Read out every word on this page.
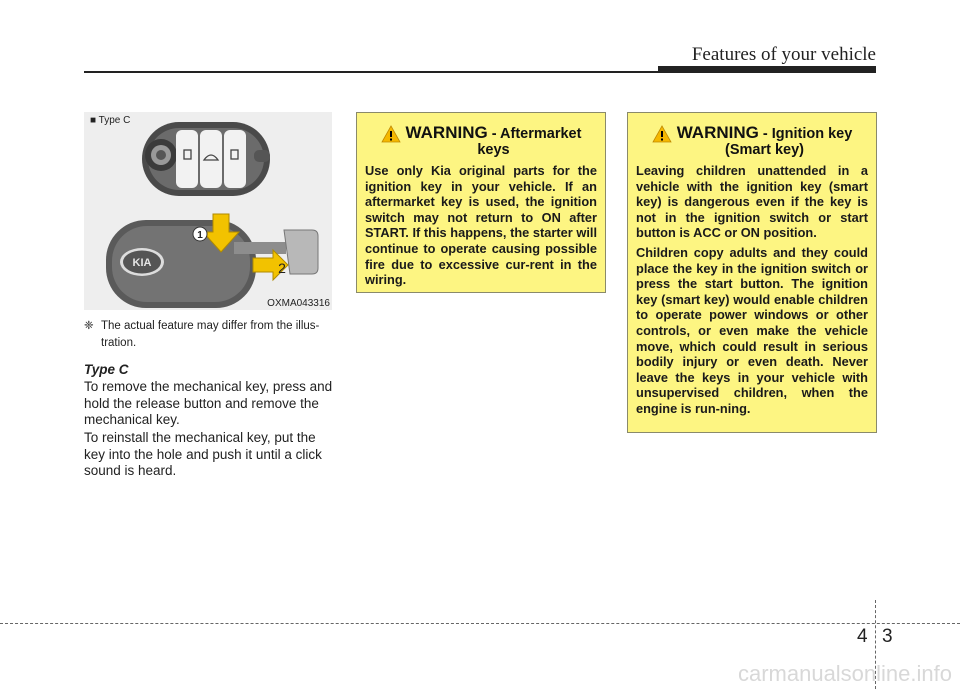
Features of your vehicle
■ Type C
KIA
1
2
OXMA043316
❈ The actual feature may differ from the illus-tration.
Type C

To remove the mechanical key, press and hold the release button and remove the mechanical key.

To reinstall the mechanical key, put the key into the hole and push it until a click sound is heard.

WARNING - Aftermarket
keys

Use only Kia original parts for the ignition key in your vehicle. If an aftermarket key is used, the ignition switch may not return to ON after START. If this happens, the starter will continue to operate causing possible fire due to excessive cur-rent in the wiring.

WARNING - Ignition key
(Smart key)

Leaving children unattended in a vehicle with the ignition key (smart key) is dangerous even if the key is not in the ignition switch or start button is ACC or ON position.

Children copy adults and they could place the key in the ignition switch or press the start button. The ignition key (smart key) would enable children to operate power windows or other controls, or even make the vehicle move, which could result in serious bodily injury or even death. Never leave the keys in your vehicle with unsupervised children, when the engine is run-ning.

4 3
carmanualsonline.info
